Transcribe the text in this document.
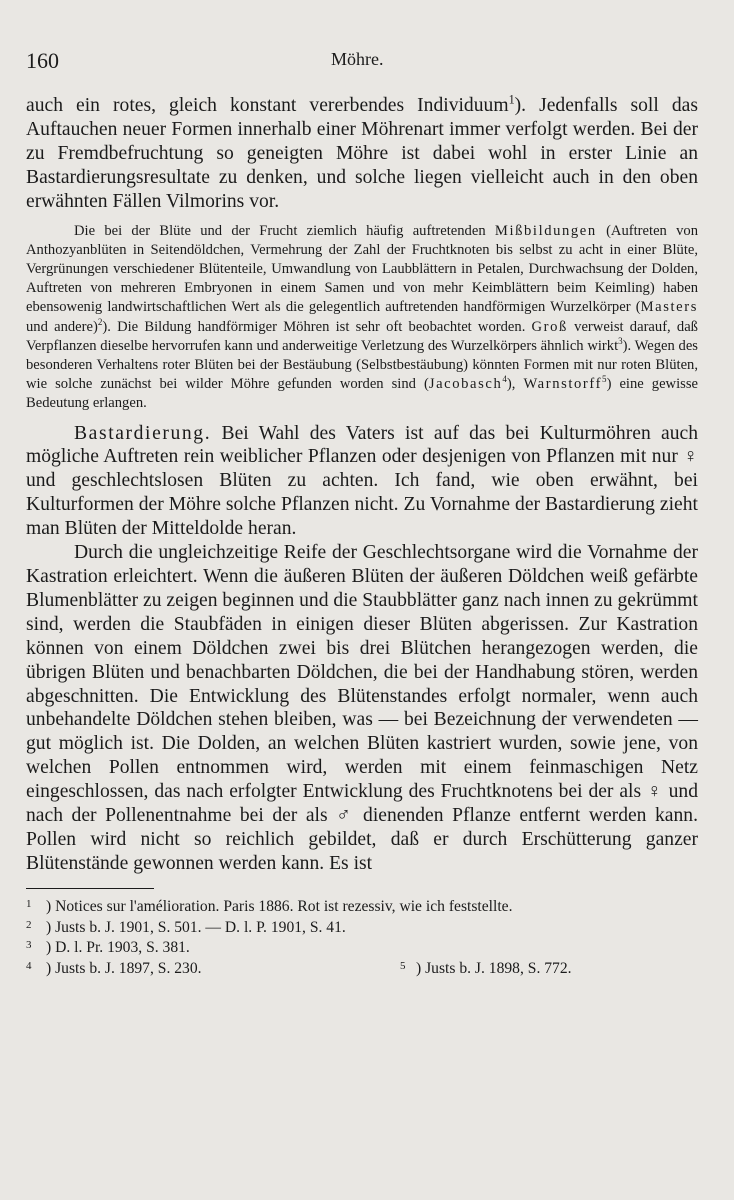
160	Möhre.

auch ein rotes, gleich konstant vererbendes Individuum$^1$). Jedenfalls soll das Auftauchen neuer Formen innerhalb einer Möhrenart immer verfolgt werden. Bei der zu Fremdbefruchtung so geneigten Möhre ist dabei wohl in erster Linie an Bastardierungsresultate zu denken, und solche liegen vielleicht auch in den oben erwähnten Fällen Vilmorins vor.

Die bei der Blüte und der Frucht ziemlich häufig auftretenden Mißbildungen (Auftreten von Anthozyanblüten in Seitendöldchen, Vermehrung der Zahl der Fruchtknoten bis selbst zu acht in einer Blüte, Vergrünungen verschiedener Blütenteile, Umwandlung von Laubblättern in Petalen, Durchwachsung der Dolden, Auftreten von mehreren Embryonen in einem Samen und von mehr Keimblättern beim Keimling) haben ebensowenig landwirtschaftlichen Wert als die gelegentlich auftretenden handförmigen Wurzelkörper (Masters und andere)$^2$). Die Bildung handförmiger Möhren ist sehr oft beobachtet worden. Groß verweist darauf, daß Verpflanzen dieselbe hervorrufen kann und anderweitige Verletzung des Wurzelkörpers ähnlich wirkt$^3$). Wegen des besonderen Verhaltens roter Blüten bei der Bestäubung (Selbstbestäubung) könnten Formen mit nur roten Blüten, wie solche zunächst bei wilder Möhre gefunden worden sind (Jacobasch$^4$), Warnstorff$^5$) eine gewisse Bedeutung erlangen.

Bastardierung. Bei Wahl des Vaters ist auf das bei Kulturmöhren auch mögliche Auftreten rein weiblicher Pflanzen oder desjenigen von Pflanzen mit nur ♀ und geschlechtslosen Blüten zu achten. Ich fand, wie oben erwähnt, bei Kulturformen der Möhre solche Pflanzen nicht. Zu Vornahme der Bastardierung zieht man Blüten der Mitteldolde heran.

Durch die ungleichzeitige Reife der Geschlechtsorgane wird die Vornahme der Kastration erleichtert. Wenn die äußeren Blüten der äußeren Döldchen weiß gefärbte Blumenblätter zu zeigen beginnen und die Staubblätter ganz nach innen zu gekrümmt sind, werden die Staubfäden in einigen dieser Blüten abgerissen. Zur Kastration können von einem Döldchen zwei bis drei Blütchen herangezogen werden, die übrigen Blüten und benachbarten Döldchen, die bei der Handhabung stören, werden abgeschnitten. Die Entwicklung des Blütenstandes erfolgt normaler, wenn auch unbehandelte Döldchen stehen bleiben, was — bei Bezeichnung der verwendeten — gut möglich ist. Die Dolden, an welchen Blüten kastriert wurden, sowie jene, von welchen Pollen entnommen wird, werden mit einem feinmaschigen Netz eingeschlossen, das nach erfolgter Entwicklung des Fruchtknotens bei der als ♀ und nach der Pollenentnahme bei der als ♂ dienenden Pflanze entfernt werden kann. Pollen wird nicht so reichlich gebildet, daß er durch Erschütterung ganzer Blütenstände gewonnen werden kann. Es ist

1 ) Notices sur l'amélioration. Paris 1886. Rot ist rezessiv, wie ich feststellte.
2 ) Justs b. J. 1901, S. 501. — D. l. P. 1901, S. 41.
3 ) D. l. Pr. 1903, S. 381.
4 ) Justs b. J. 1897, S. 230.	5 ) Justs b. J. 1898, S. 772.
